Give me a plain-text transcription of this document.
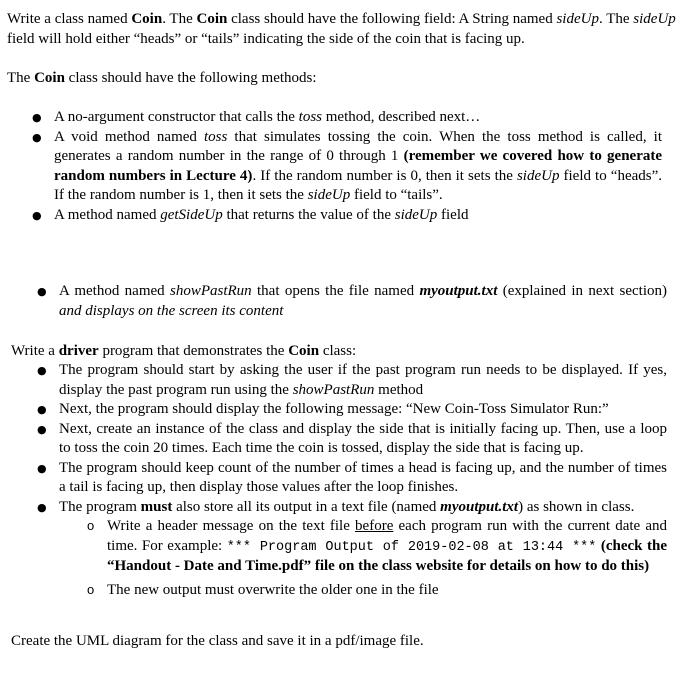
Write a class named Coin. The Coin class should have the following field: A String named sideUp. The sideUp field will hold either “heads” or “tails” indicating the side of the coin that is facing up.

The Coin class should have the following methods:

● A no-argument constructor that calls the toss method, described next…
● A void method named toss that simulates tossing the coin. When the toss method is called, it generates a random number in the range of 0 through 1 (remember we covered how to generate random numbers in Lecture 4). If the random number is 0, then it sets the sideUp field to “heads”. If the random number is 1, then it sets the sideUp field to “tails”.
● A method named getSideUp that returns the value of the sideUp field
● A method named showPastRun that opens the file named myoutput.txt (explained in next section) and displays on the screen its content

Write a driver program that demonstrates the Coin class:

● The program should start by asking the user if the past program run needs to be displayed. If yes, display the past program run using the showPastRun method
● Next, the program should display the following message: “New Coin-Toss Simulator Run:”
● Next, create an instance of the class and display the side that is initially facing up. Then, use a loop to toss the coin 20 times. Each time the coin is tossed, display the side that is facing up.
● The program should keep count of the number of times a head is facing up, and the number of times a tail is facing up, then display those values after the loop finishes.
● The program must also store all its output in a text file (named myoutput.txt) as shown in class.
o Write a header message on the text file before each program run with the current date and time. For example: *** Program Output of 2019-02-08 at 13:44 *** (check the “Handout - Date and Time.pdf” file on the class website for details on how to do this)
o The new output must overwrite the older one in the file

Create the UML diagram for the class and save it in a pdf/image file.
